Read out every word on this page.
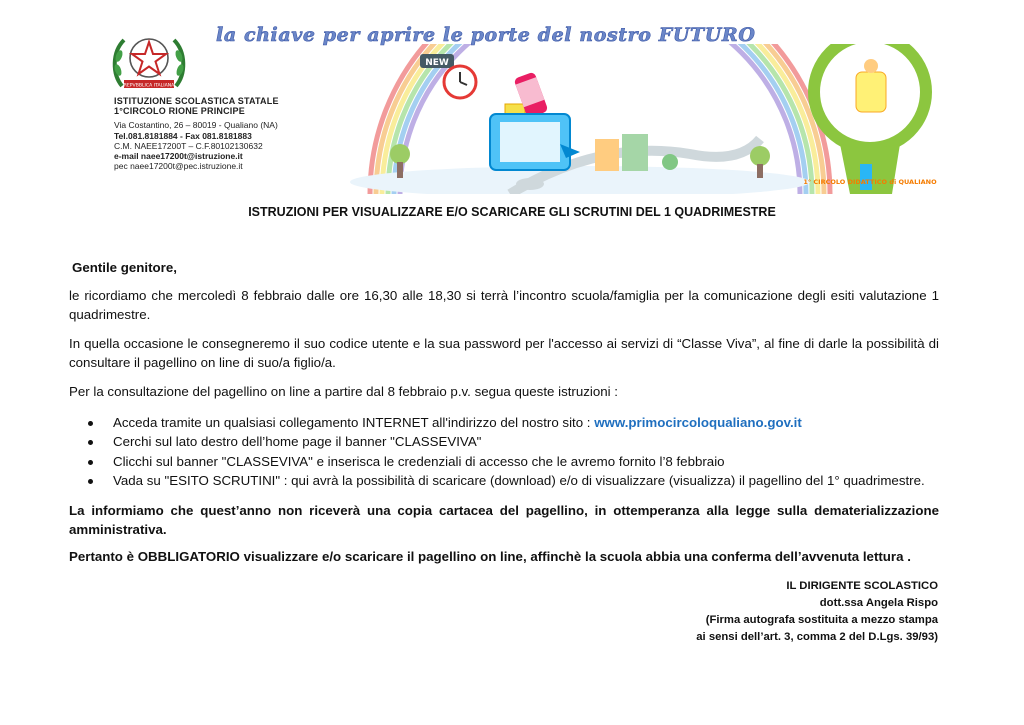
REPVBBLICA ITALIANA
ISTITUZIONE SCOLASTICA STATALE
1°CIRCOLO RIONE PRINCIPE
Via Costantino, 26 – 80019 - Qualiano (NA)
Tel.081.8181884 - Fax 081.8181883
C.M. NAEE17200T – C.F.80102130632
e-mail naee17200t@istruzione.it
pec naee17200t@pec.istruzione.it
la chiave per aprire le porte del nostro FUTURO
NEW
1° CIRCOLO DIDATTICO di QUALIANO
ISTRUZIONI PER VISUALIZZARE E/O SCARICARE GLI SCRUTINI DEL 1 QUADRIMESTRE
Gentile genitore,
le ricordiamo che mercoledì 8 febbraio dalle ore 16,30 alle 18,30 si terrà l’incontro scuola/famiglia per la comunicazione degli esiti valutazione 1 quadrimestre.
In quella occasione le consegneremo il suo codice utente e la sua password per l'accesso ai servizi di “Classe Viva”, al fine di darle la possibilità di consultare il pagellino on line di suo/a figlio/a.
Per la consultazione del pagellino on line a partire dal 8 febbraio p.v. segua queste istruzioni :
Acceda tramite un qualsiasi collegamento INTERNET all'indirizzo del nostro sito : www.primocircoloqualiano.gov.it
Cerchi sul lato destro dell’home page il banner "CLASSEVIVA"
Clicchi sul banner "CLASSEVIVA" e inserisca le credenziali di accesso che le avremo fornito l’8 febbraio
Vada su "ESITO SCRUTINI" : qui avrà la possibilità di scaricare (download) e/o di visualizzare (visualizza) il pagellino del 1° quadrimestre.
La informiamo che quest’anno non riceverà una copia cartacea del pagellino, in ottemperanza alla legge sulla dematerializzazione amministrativa.
Pertanto è OBBLIGATORIO visualizzare e/o scaricare il pagellino on line, affinchè la scuola abbia una conferma dell’avvenuta lettura .
IL DIRIGENTE SCOLASTICO
dott.ssa Angela Rispo
(Firma autografa sostituita a mezzo stampa
ai sensi dell’art. 3, comma 2 del D.Lgs. 39/93)
